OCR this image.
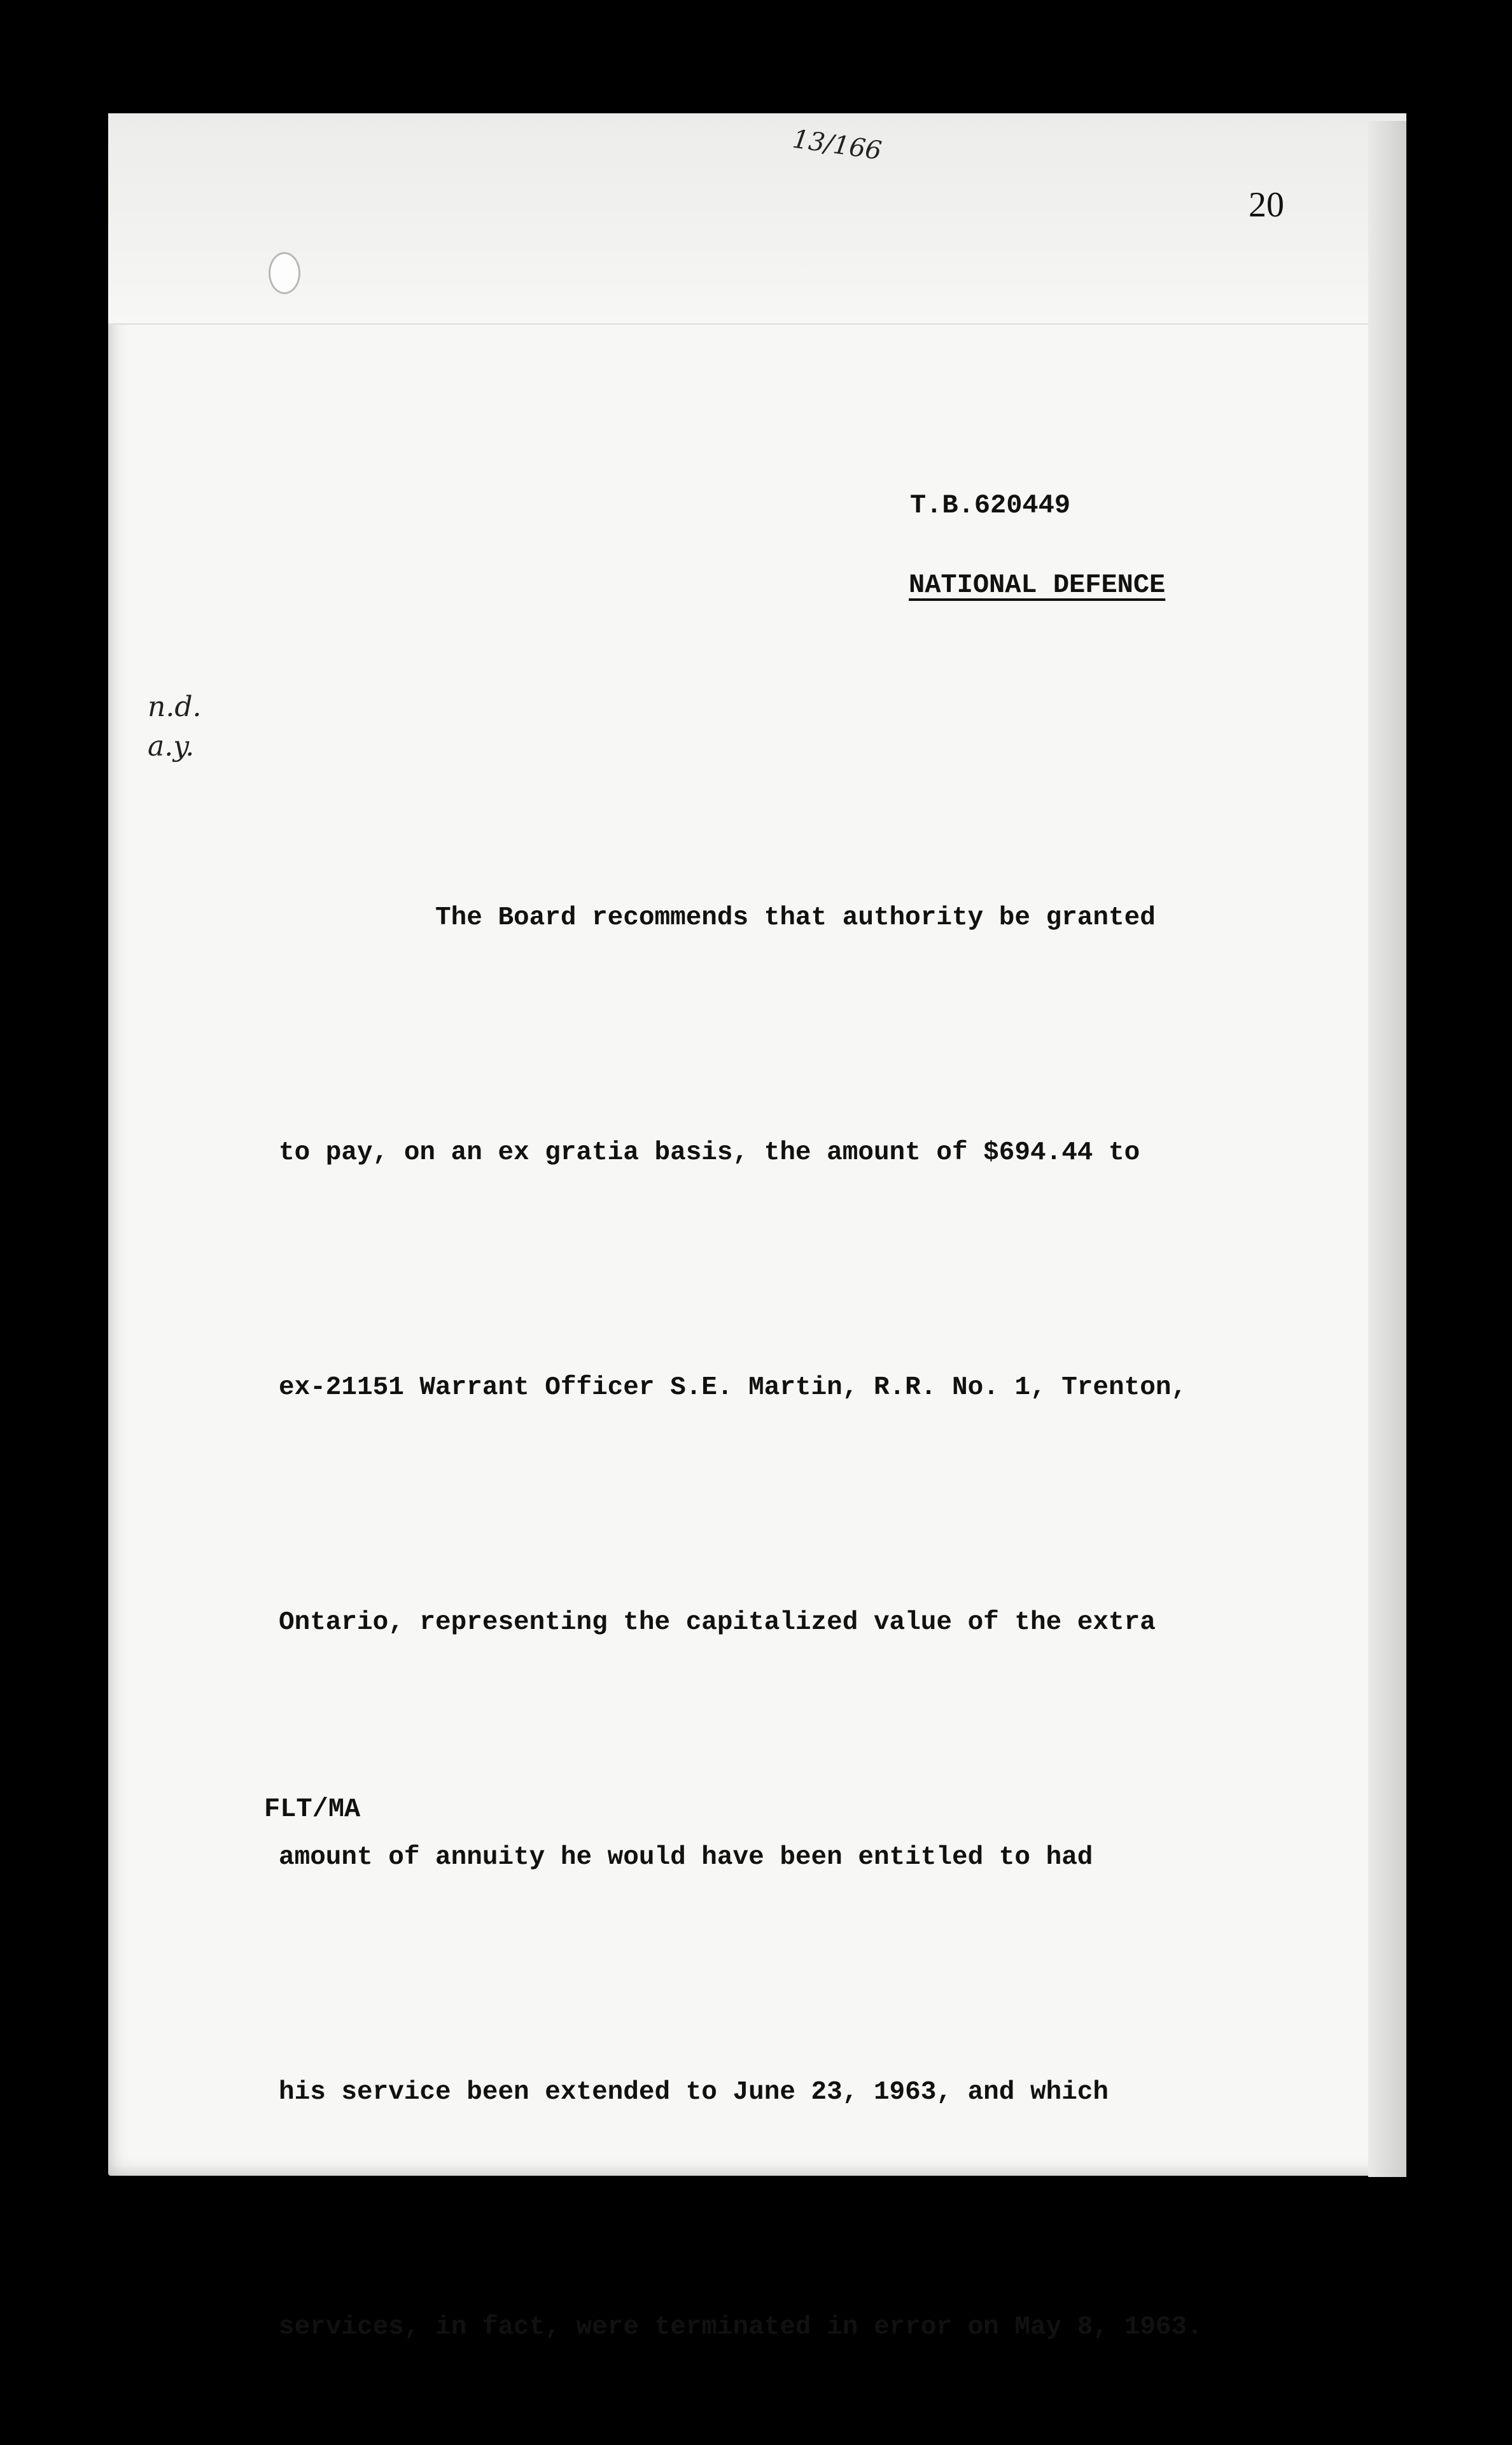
13/166
20
T.B.620449
NATIONAL DEFENCE
n.d.
a.y.

The Board recommends that authority be granted

to pay, on an ex gratia basis, the amount of $694.44 to

ex-21151 Warrant Officer S.E. Martin, R.R. No. 1, Trenton,

Ontario, representing the capitalized value of the extra

amount of annuity he would have been entitled to had

his service been extended to June 23, 1963, and which

services, in fact, were terminated in error on May 8, 1963.

FLT/MA
